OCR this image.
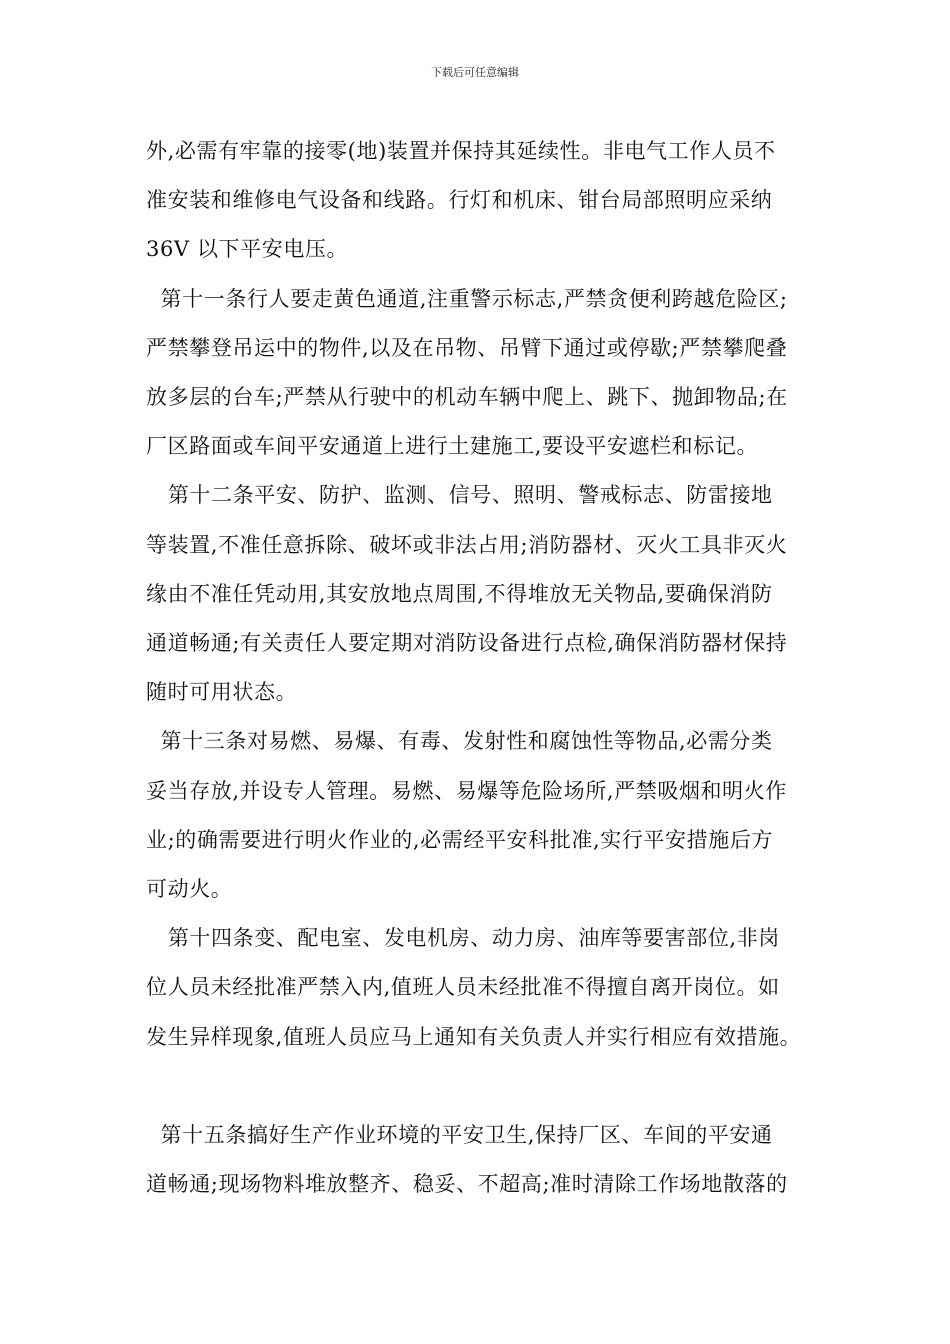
下载后可任意编辑

外,必需有牢靠的接零(地)装置并保持其延续性。非电气工作人员不
准安装和维修电气设备和线路。行灯和机床、钳台局部照明应采纳
36V 以下平安电压。

第十一条行人要走黄色通道,注重警示标志,严禁贪便利跨越危险区;
严禁攀登吊运中的物件,以及在吊物、吊臂下通过或停歇;严禁攀爬叠
放多层的台车;严禁从行驶中的机动车辆中爬上、跳下、抛卸物品;在
厂区路面或车间平安通道上进行土建施工,要设平安遮栏和标记。

第十二条平安、防护、监测、信号、照明、警戒标志、防雷接地
等装置,不准任意拆除、破坏或非法占用;消防器材、灭火工具非灭火
缘由不准任凭动用,其安放地点周围,不得堆放无关物品,要确保消防
通道畅通;有关责任人要定期对消防设备进行点检,确保消防器材保持
随时可用状态。

第十三条对易燃、易爆、有毒、发射性和腐蚀性等物品,必需分类
妥当存放,并设专人管理。易燃、易爆等危险场所,严禁吸烟和明火作
业;的确需要进行明火作业的,必需经平安科批准,实行平安措施后方
可动火。

第十四条变、配电室、发电机房、动力房、油库等要害部位,非岗
位人员未经批准严禁入内,值班人员未经批准不得擅自离开岗位。如
发生异样现象,值班人员应马上通知有关负责人并实行相应有效措施。

第十五条搞好生产作业环境的平安卫生,保持厂区、车间的平安通
道畅通;现场物料堆放整齐、稳妥、不超高;准时清除工作场地散落的
